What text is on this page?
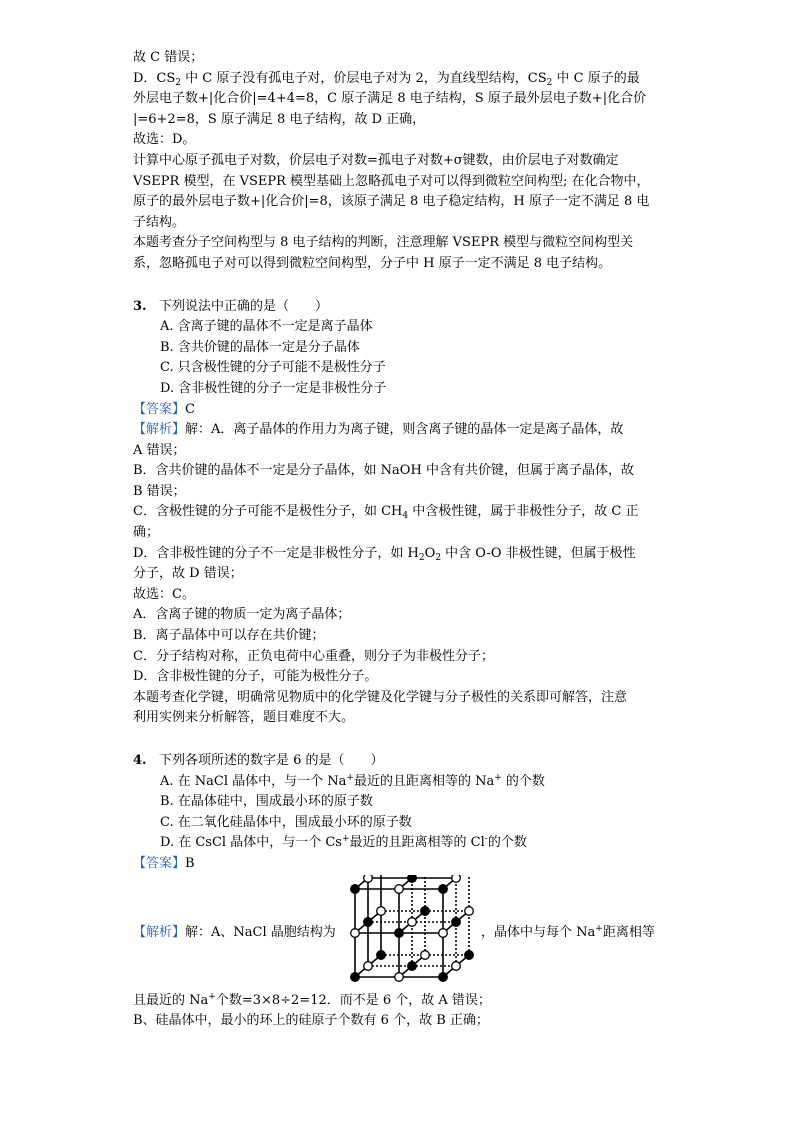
故 C 错误；

D．$CS_2$ 中 C 原子没有孤电子对，价层电子对为 2，为直线型结构，$CS_2$ 中 C 原子的最

外层电子数+|化合价|=4+4=8，C 原子满足 8 电子结构，S 原子最外层电子数+|化合价

|=6+2=8，S 原子满足 8 电子结构，故 D 正确，

故选：D。

计算中心原子孤电子对数，价层电子对数=孤电子对数+σ键数，由价层电子对数确定

VSEPR 模型，在 VSEPR 模型基础上忽略孤电子对可以得到微粒空间构型; 在化合物中，

原子的最外层电子数+|化合价|=8，该原子满足 8 电子稳定结构，H 原子一定不满足 8 电

子结构。

本题考查分子空间构型与 8 电子结构的判断，注意理解 VSEPR 模型与微粒空间构型关

系，忽略孤电子对可以得到微粒空间构型，分子中 H 原子一定不满足 8 电子结构。

3. 下列说法中正确的是（　　）

A. 含离子键的晶体不一定是离子晶体

B. 含共价键的晶体一定是分子晶体

C. 只含极性键的分子可能不是极性分子

D. 含非极性键的分子一定是非极性分子

【答案】C

【解析】解：A．离子晶体的作用力为离子键，则含离子键的晶体一定是离子晶体，故

A 错误；

B．含共价键的晶体不一定是分子晶体，如 NaOH 中含有共价键，但属于离子晶体，故

B 错误；

C．含极性键的分子可能不是极性分子，如 $CH_4$ 中含极性键，属于非极性分子，故 C 正

确；

D．含非极性键的分子不一定是非极性分子，如 $H_2O_2$ 中含 O-O 非极性键，但属于极性

分子，故 D 错误；

故选：C。

A．含离子键的物质一定为离子晶体；

B．离子晶体中可以存在共价键；

C．分子结构对称，正负电荷中心重叠，则分子为非极性分子；

D．含非极性键的分子，可能为极性分子。

本题考查化学键，明确常见物质中的化学键及化学键与分子极性的关系即可解答，注意

利用实例来分析解答，题目难度不大。

4. 下列各项所述的数字是 6 的是（　　）

A. 在 NaCl 晶体中，与一个 Na+最近的且距离相等的 Na+ 的个数

B. 在晶体硅中，围成最小环的原子数

C. 在二氧化硅晶体中，围成最小环的原子数

D. 在 CsCl 晶体中，与一个 Cs+最近的且距离相等的 Cl-的个数

【答案】B

【解析】解：A、NaCl 晶胞结构为	，晶体中与每个 Na+距离相等

且最近的 Na+个数=3×8÷2=12．而不是 6 个，故 A 错误；

B、硅晶体中，最小的环上的硅原子个数有 6 个，故 B 正确；
